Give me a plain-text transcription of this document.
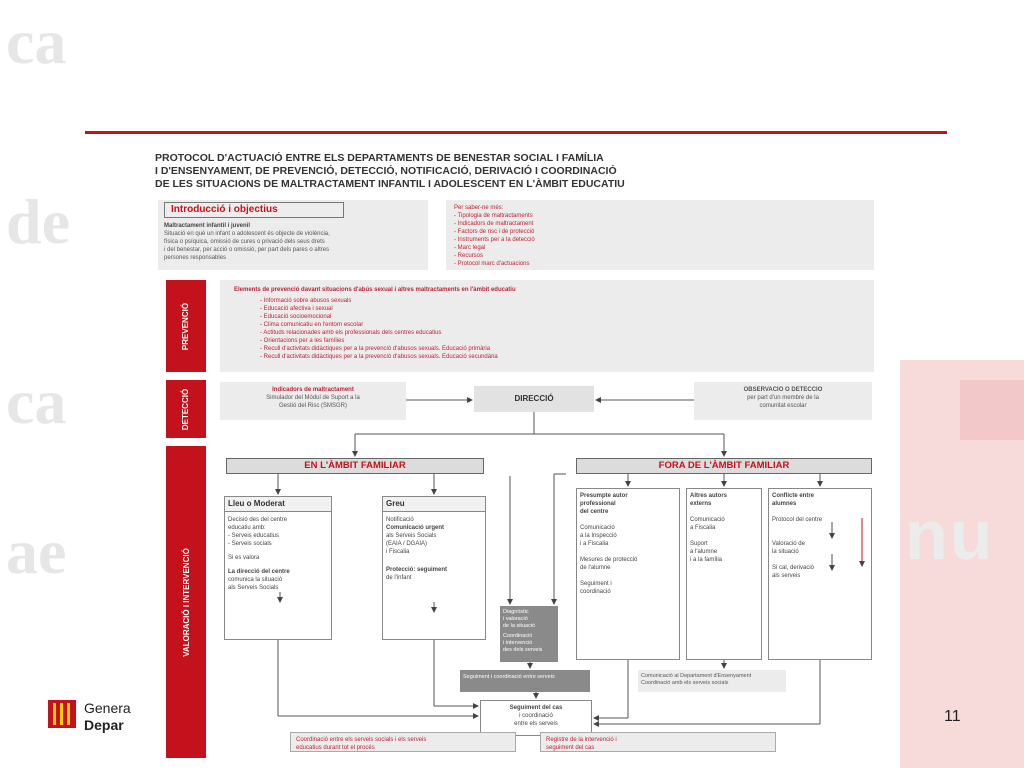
ca
de
ca
ae	nu
PROTOCOL D'ACTUACIÓ ENTRE ELS DEPARTAMENTS DE BENESTAR SOCIAL I FAMÍLIA
I D'ENSENYAMENT, DE PREVENCIÓ, DETECCIÓ, NOTIFICACIÓ, DERIVACIÓ I COORDINACIÓ
DE LES SITUACIONS DE MALTRACTAMENT INFANTIL I ADOLESCENT EN L'ÀMBIT EDUCATIU
Maltractament infantil i juvenil
Situació en què un infant o adolescent és objecte de violència,
física o psíquica, omissió de cures o privació dels seus drets
i del benestar, per acció o omissió, per part dels pares o altres
persones responsables
Introducció i objectius	Per saber-ne més:
- Tipologia de maltractaments
- Indicadors de maltractament
- Factors de risc i de protecció
- Instruments per a la detecció
- Marc legal
- Recursos
- Protocol marc d'actuacions
PREVENCIÓ
Elements de prevenció davant situacions d'abús sexual i altres maltractaments en l'àmbit educatiu
- Informació sobre abusos sexuals
- Educació afectiva i sexual
- Educació socioemocional
- Clima comunicatiu en l'entorn escolar
- Actituds relacionades amb els professionals dels centres educatius
- Orientacions per a les famílies
- Recull d'activitats didàctiques per a la prevenció d'abusos sexuals. Educació primària
- Recull d'activitats didàctiques per a la prevenció d'abusos sexuals. Educació secundària
DETECCIÓ	Indicadors de maltractament
Simulador del Mòdul de Suport a la
Gestió del Risc (SMSGR)
DIRECCIÓ
OBSERVACIÓ O DETECCIÓ
per part d'un membre de la
comunitat escolar
VALORACIÓ I INTERVENCIÓ
EN L'ÀMBIT FAMILIAR	FORA DE L'ÀMBIT FAMILIAR
Lleu o Moderat
Decisió des del centre
educatiu amb:
- Serveis educatius
- Serveis socials
Si es valora
La direcció del centre
comunica la situació
als Serveis Socials
Greu
Notificació
Comunicació urgent
als Serveis Socials
(EAIA / DGAIA)
i Fiscalia
Protecció: seguiment
de l'infant
Diagnòstic
i valoració
de la situació
Coordinació
i intervenció
des dels serveis
Presumpte autor
professional
del centre
Comunicació
a la Inspecció
i a Fiscalia
Mesures de protecció
de l'alumne
Seguiment i
coordinació
Altres autors
externs
Comunicació
a Fiscalia
Suport
a l'alumne
i a la família
Conflicte entre
alumnes
Protocol del centre
Valoració de
la situació
Si cal, derivació
als serveis
Seguiment i coordinació entre serveis	Comunicació al Departament d'Ensenyament
Coordinació amb els serveis socials
Seguiment del cas
i coordinació
entre els serveis
Coordinació entre els serveis socials i els serveis
educatius durant tot el procés
Registre de la intervenció i
seguiment del cas
Genera
Depar	11
